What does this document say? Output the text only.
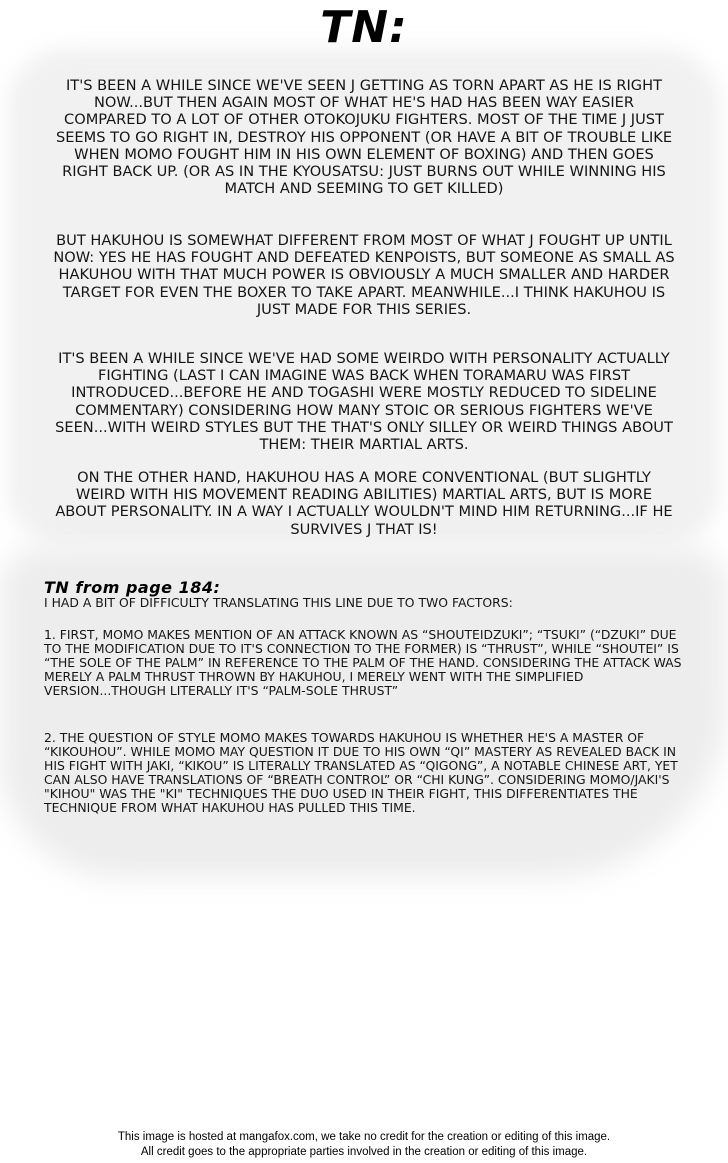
TN:

IT'S BEEN A WHILE SINCE WE'VE SEEN J GETTING AS TORN APART AS HE IS RIGHT NOW...BUT THEN AGAIN MOST OF WHAT HE'S HAD HAS BEEN WAY EASIER COMPARED TO A LOT OF OTHER OTOKOJUKU FIGHTERS. MOST OF THE TIME J JUST SEEMS TO GO RIGHT IN, DESTROY HIS OPPONENT (OR HAVE A BIT OF TROUBLE LIKE WHEN MOMO FOUGHT HIM IN HIS OWN ELEMENT OF BOXING) AND THEN GOES RIGHT BACK UP. (OR AS IN THE KYOUSATSU: JUST BURNS OUT WHILE WINNING HIS MATCH AND SEEMING TO GET KILLED)

BUT HAKUHOU IS SOMEWHAT DIFFERENT FROM MOST OF WHAT J FOUGHT UP UNTIL NOW: YES HE HAS FOUGHT AND DEFEATED KENPOISTS, BUT SOMEONE AS SMALL AS HAKUHOU WITH THAT MUCH POWER IS OBVIOUSLY A MUCH SMALLER AND HARDER TARGET FOR EVEN THE BOXER TO TAKE APART. MEANWHILE...I THINK HAKUHOU IS JUST MADE FOR THIS SERIES.

IT'S BEEN A WHILE SINCE WE'VE HAD SOME WEIRDO WITH PERSONALITY ACTUALLY FIGHTING (LAST I CAN IMAGINE WAS BACK WHEN TORAMARU WAS FIRST INTRODUCED...BEFORE HE AND TOGASHI WERE MOSTLY REDUCED TO SIDELINE COMMENTARY) CONSIDERING HOW MANY STOIC OR SERIOUS FIGHTERS WE'VE SEEN...WITH WEIRD STYLES BUT THE THAT'S ONLY SILLEY OR WEIRD THINGS ABOUT THEM: THEIR MARTIAL ARTS.

ON THE OTHER HAND, HAKUHOU HAS A MORE CONVENTIONAL (BUT SLIGHTLY WEIRD WITH HIS MOVEMENT READING ABILITIES) MARTIAL ARTS, BUT IS MORE ABOUT PERSONALITY. IN A WAY I ACTUALLY WOULDN'T MIND HIM RETURNING...IF HE SURVIVES J THAT IS!

TN from page 184:

I HAD A BIT OF DIFFICULTY TRANSLATING THIS LINE DUE TO TWO FACTORS:

1. FIRST, MOMO MAKES MENTION OF AN ATTACK KNOWN AS “SHOUTEIDZUKI”; “TSUKI” (“DZUKI” DUE TO THE MODIFICATION DUE TO IT'S CONNECTION TO THE FORMER) IS “THRUST”, WHILE “SHOUTEI” IS “THE SOLE OF THE PALM” IN REFERENCE TO THE PALM OF THE HAND. CONSIDERING THE ATTACK WAS MERELY A PALM THRUST THROWN BY HAKUHOU, I MERELY WENT WITH THE SIMPLIFIED VERSION...THOUGH LITERALLY IT'S “PALM-SOLE THRUST”

2. THE QUESTION OF STYLE MOMO MAKES TOWARDS HAKUHOU IS WHETHER HE'S A MASTER OF “KIKOUHOU”. WHILE MOMO MAY QUESTION IT DUE TO HIS OWN “QI” MASTERY AS REVEALED BACK IN HIS FIGHT WITH JAKI, “KIKOU” IS LITERALLY TRANSLATED AS “QIGONG”, A NOTABLE CHINESE ART, YET CAN ALSO HAVE TRANSLATIONS OF “BREATH CONTROL” OR “CHI KUNG”. CONSIDERING MOMO/JAKI'S "KIHOU" WAS THE "KI" TECHNIQUES THE DUO USED IN THEIR FIGHT, THIS DIFFERENTIATES THE TECHNIQUE FROM WHAT HAKUHOU HAS PULLED THIS TIME.

This image is hosted at mangafox.com, we take no credit for the creation or editing of this image.
All credit goes to the appropriate parties involved in the creation or editing of this image.
